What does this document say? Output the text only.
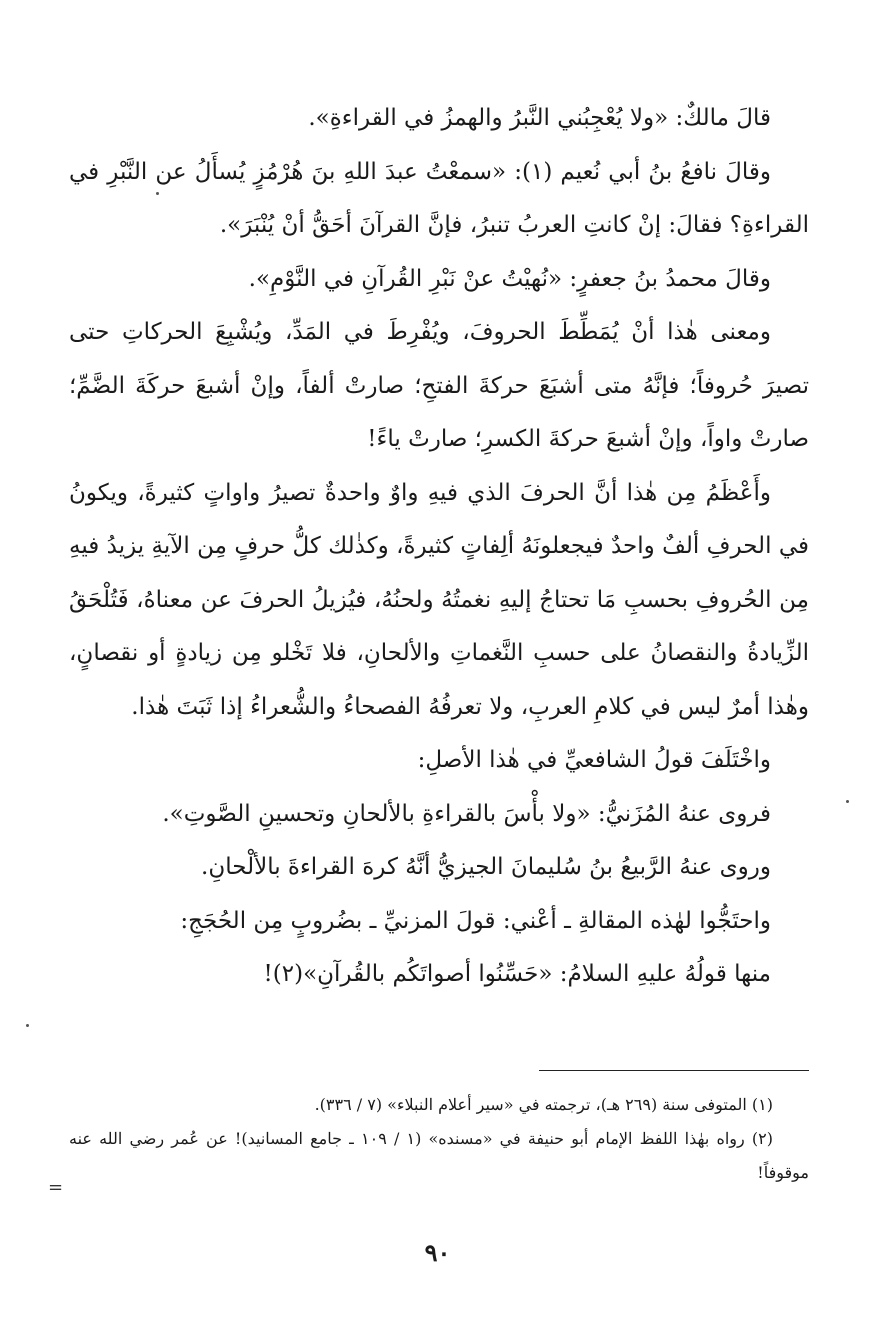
قالَ مالكٌ: «ولا يُعْجِبُني النَّبرُ والهمزُ في القراءةِ».

وقالَ نافعُ بنُ أبي نُعيم (١): «سمعْتُ عبدَ اللهِ بنَ هُرْمُزٍ يُسأَلُ عن النَّبْرِ في القراءةِ؟ فقالَ: إنْ كانتِ العربُ تنبرُ، فإنَّ القرآنَ أحَقُّ أنْ يُنْبَرَ».

وقالَ محمدُ بنُ جعفرٍ: «نُهيْتُ عنْ نَبْرِ القُرآنِ في النَّوْمِ».

ومعنى هٰذا أنْ يُمَطِّطَ الحروفَ، ويُفْرِطَ في المَدِّ، ويُشْبِعَ الحركاتِ حتى تصيرَ حُروفاً؛ فإنَّهُ متى أشبَعَ حركةَ الفتحِ؛ صارتْ ألفاً، وإنْ أشبعَ حركَةَ الضَّمِّ؛ صارتْ واواً، وإنْ أشبعَ حركةَ الكسرِ؛ صارتْ ياءً!

وأَعْظَمُ مِن هٰذا أنَّ الحرفَ الذي فيهِ واوٌ واحدةٌ تصيرُ واواتٍ كثيرةً، ويكونُ في الحرفِ ألفٌ واحدٌ فيجعلونَهُ ألِفاتٍ كثيرةً، وكذٰلك كلُّ حرفٍ مِن الآيةِ يزيدُ فيهِ مِن الحُروفِ بحسبِ مَا تحتاجُ إليهِ نغمتُهُ ولحنُهُ، فيُزيلُ الحرفَ عن معناهُ، فَتُلْحَقُ الزِّيادةُ والنقصانُ على حسبِ النَّغماتِ والألحانِ، فلا تَخْلو مِن زيادةٍ أو نقصانٍ، وهٰذا أمرٌ ليس في كلامِ العربِ، ولا تعرفُهُ الفصحاءُ والشُّعراءُ إذا ثَبَتَ هٰذا.

واخْتَلَفَ قولُ الشافعيِّ في هٰذا الأصلِ:

فروى عنهُ المُزَنيُّ: «ولا بأْسَ بالقراءةِ بالألحانِ وتحسينِ الصَّوتِ».

وروى عنهُ الرَّبيعُ بنُ سُليمانَ الجيزيُّ أنَّهُ كرهَ القراءةَ بالألْحانِ.

واحتَجُّوا لهٰذه المقالةِ ـ أعْني: قولَ المزنيِّ ـ بضُروبٍ مِن الحُجَجِ:

منها قولُهُ عليهِ السلامُ: «حَسِّنُوا أصواتَكُم بالقُرآنِ»(٢)!

(١) المتوفى سنة (٢٦٩ هـ)، ترجمته في «سير أعلام النبلاء» (٧ / ٣٣٦).

(٢) رواه بهٰذا اللفظ الإمام أبو حنيفة في «مسنده» (١ / ١٠٩ ـ جامع المسانيد)! عن عُمر رضي الله عنه موقوفاً!

=
٩٠
